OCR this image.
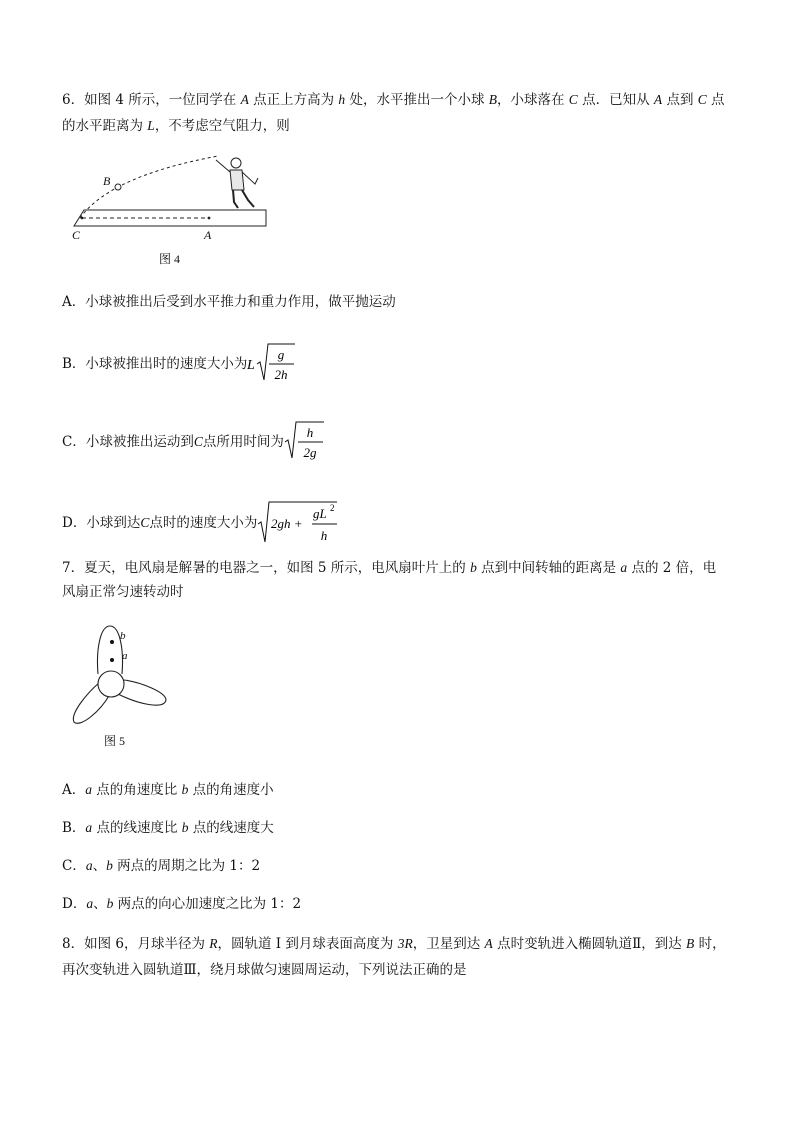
6．如图 4 所示，一位同学在 A 点正上方高为 h 处，水平推出一个小球 B，小球落在 C 点．已知从 A 点到 C 点
的水平距离为 L，不考虑空气阻力，则
B
C	A
图 4
A．小球被推出后受到水平推力和重力作用，做平抛运动
B．小球被推出时的速度大小为 L
g
2h
C．小球被推出运动到 C 点所用时间为
h
2g
D．小球到达 C 点时的速度大小为 2gh +
gL 2
h
7．夏天，电风扇是解暑的电器之一，如图 5 所示，电风扇叶片上的 b 点到中间转轴的距离是 a 点的 2 倍，电
风扇正常匀速转动时
b
a
图 5
A．a 点的角速度比 b 点的角速度小
B．a 点的线速度比 b 点的线速度大
C．a、b 两点的周期之比为 1：2
D．a、b 两点的向心加速度之比为 1：2
8．如图 6，月球半径为 R，圆轨道 I 到月球表面高度为 3R，卫星到达 A 点时变轨进入椭圆轨道Ⅱ，到达 B 时，
再次变轨进入圆轨道Ⅲ，绕月球做匀速圆周运动，下列说法正确的是
